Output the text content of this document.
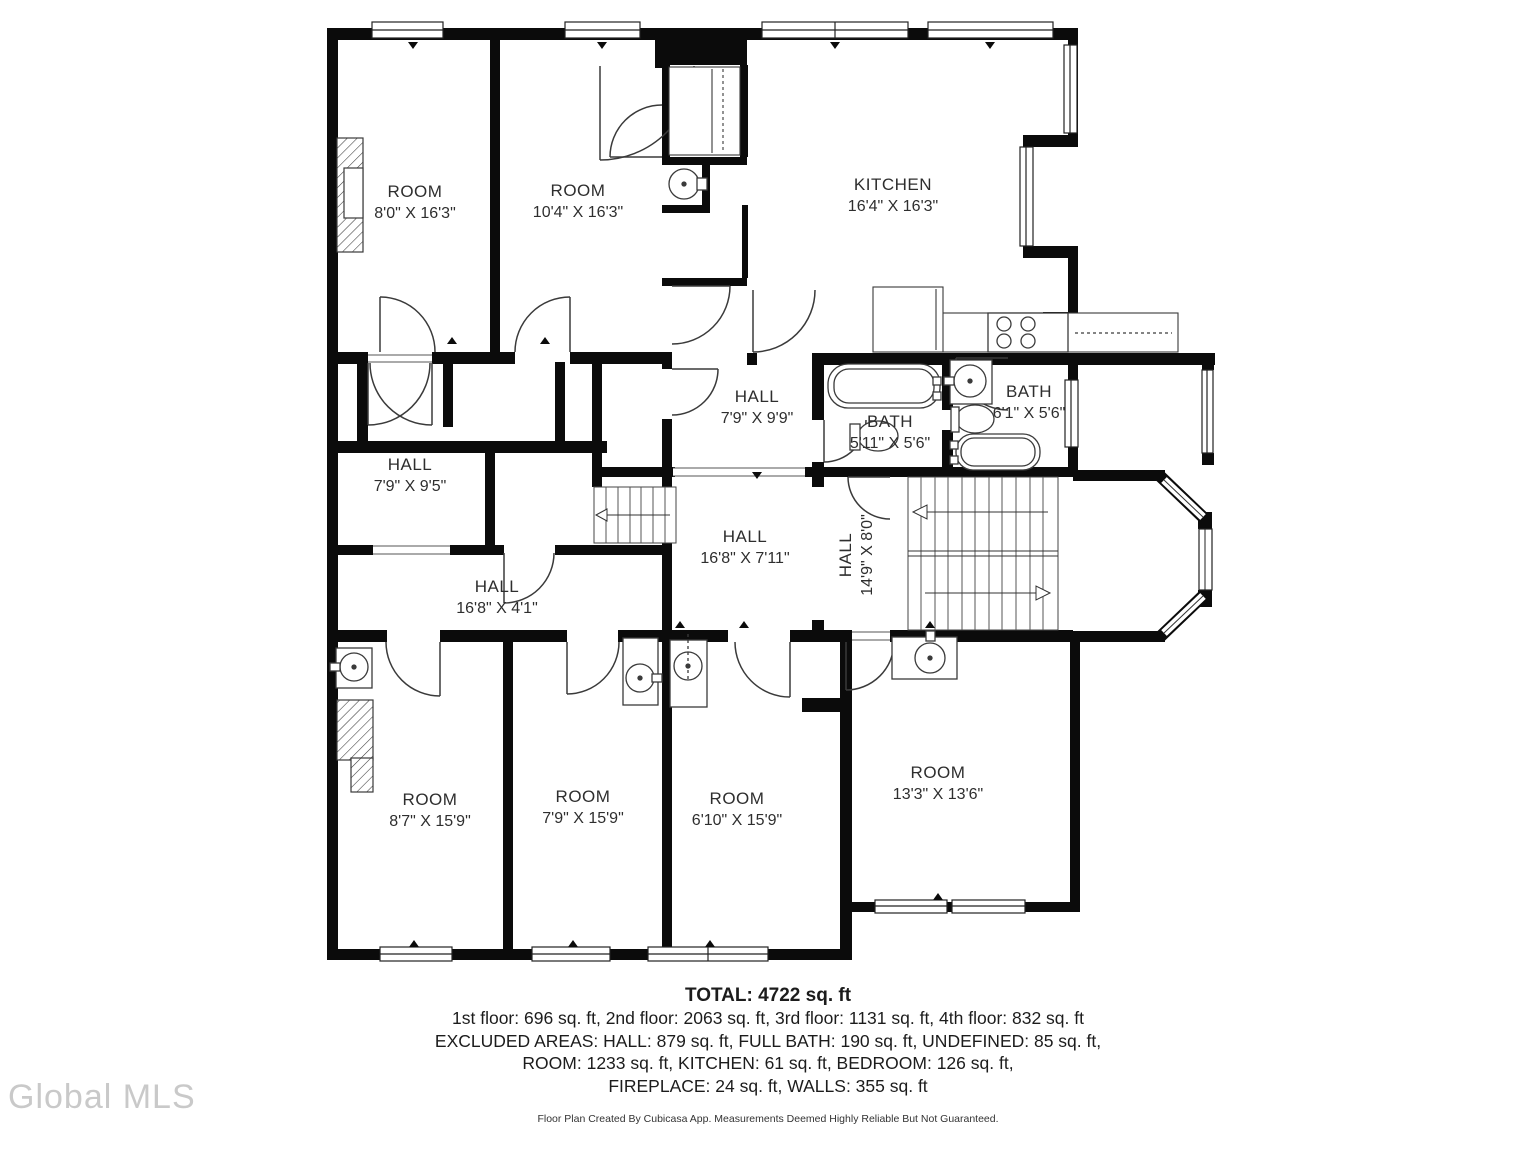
ROOM
8'0" X 16'3"
ROOM
10'4" X 16'3"
KITCHEN
16'4" X 16'3"
HALL
7'9" X 9'9"	BATH
5'11" X 5'6"
BATH
6'1" X 5'6"
HALL
7'9" X 9'5"
HALL
16'8" X 7'11"	HALL 14'9" X 8'0"
HALL
16'8" X 4'1"
ROOM
8'7" X 15'9"
ROOM
7'9" X 15'9"
ROOM
6'10" X 15'9"
ROOM
13'3" X 13'6"
TOTAL: 4722 sq. ft
1st floor: 696 sq. ft, 2nd floor: 2063 sq. ft, 3rd floor: 1131 sq. ft, 4th floor: 832 sq. ft
EXCLUDED AREAS: HALL: 879 sq. ft, FULL BATH: 190 sq. ft, UNDEFINED: 85 sq. ft,
ROOM: 1233 sq. ft, KITCHEN: 61 sq. ft, BEDROOM: 126 sq. ft,
FIREPLACE: 24 sq. ft, WALLS: 355 sq. ft
Floor Plan Created By Cubicasa App. Measurements Deemed Highly Reliable But Not Guaranteed.
Global MLS
